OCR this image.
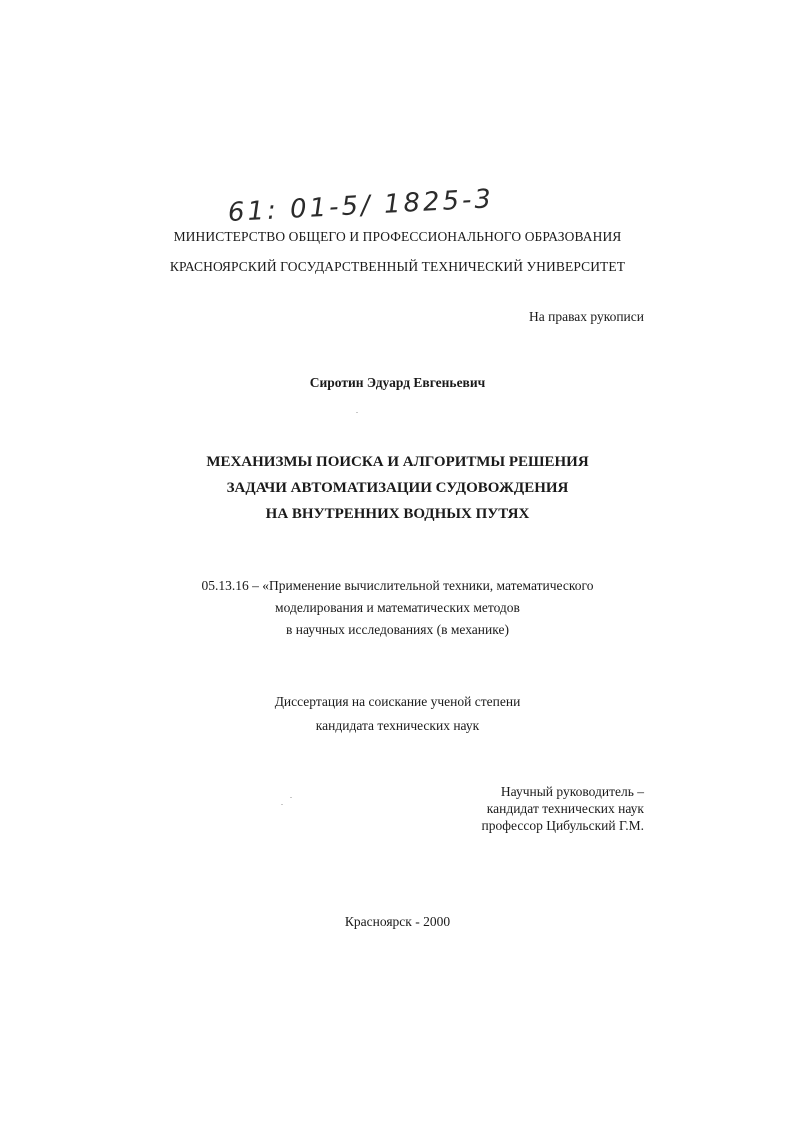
61: 01-5/ 1825-3
МИНИСТЕРСТВО ОБЩЕГО И ПРОФЕССИОНАЛЬНОГО ОБРАЗОВАНИЯ
КРАСНОЯРСКИЙ ГОСУДАРСТВЕННЫЙ ТЕХНИЧЕСКИЙ УНИВЕРСИТЕТ
На правах рукописи
Сиротин Эдуард Евгеньевич
МЕХАНИЗМЫ ПОИСКА И АЛГОРИТМЫ РЕШЕНИЯ
ЗАДАЧИ АВТОМАТИЗАЦИИ СУДОВОЖДЕНИЯ
НА ВНУТРЕННИХ ВОДНЫХ ПУТЯХ
05.13.16 – «Применение вычислительной техники, математического
моделирования и математических методов
в научных исследованиях (в механике)
Диссертация на соискание ученой степени
кандидата технических наук
Научный руководитель –
кандидат технических наук
профессор Цибульский Г.М.
Красноярск - 2000
